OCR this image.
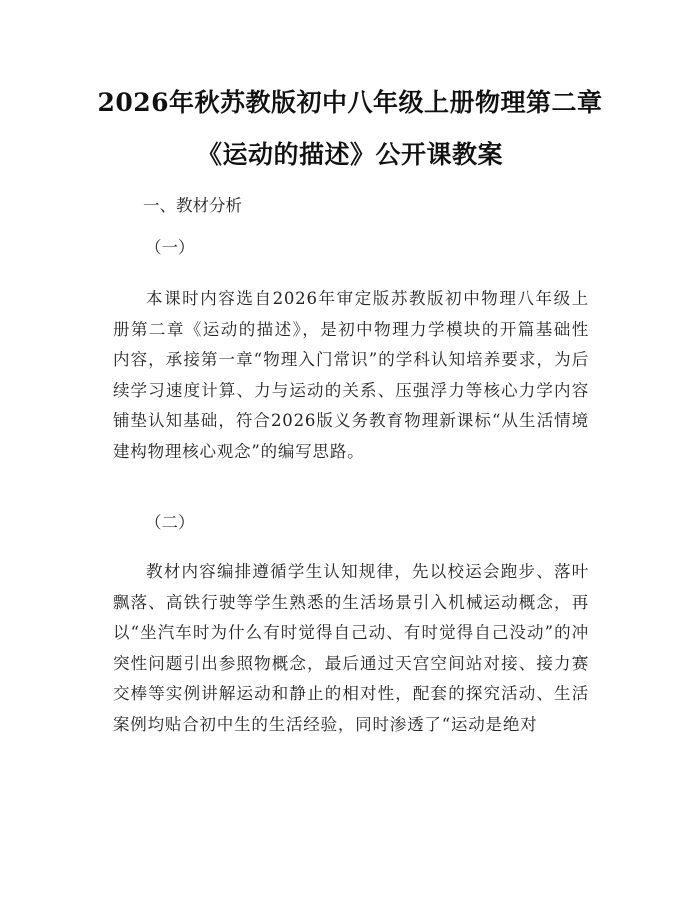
2026年秋苏教版初中八年级上册物理第二章
《运动的描述》公开课教案

一、教材分析

（一）

本课时内容选自2026年审定版苏教版初中物理八年级上册第二章《运动的描述》，是初中物理力学模块的开篇基础性内容，承接第一章“物理入门常识”的学科认知培养要求，为后续学习速度计算、力与运动的关系、压强浮力等核心力学内容铺垫认知基础，符合2026版义务教育物理新课标“从生活情境建构物理核心观念”的编写思路。

（二）

教材内容编排遵循学生认知规律，先以校运会跑步、落叶飘落、高铁行驶等学生熟悉的生活场景引入机械运动概念，再以“坐汽车时为什么有时觉得自己动、有时觉得自己没动”的冲突性问题引出参照物概念，最后通过天宫空间站对接、接力赛交棒等实例讲解运动和静止的相对性，配套的探究活动、生活案例均贴合初中生的生活经验，同时渗透了“运动是绝对
